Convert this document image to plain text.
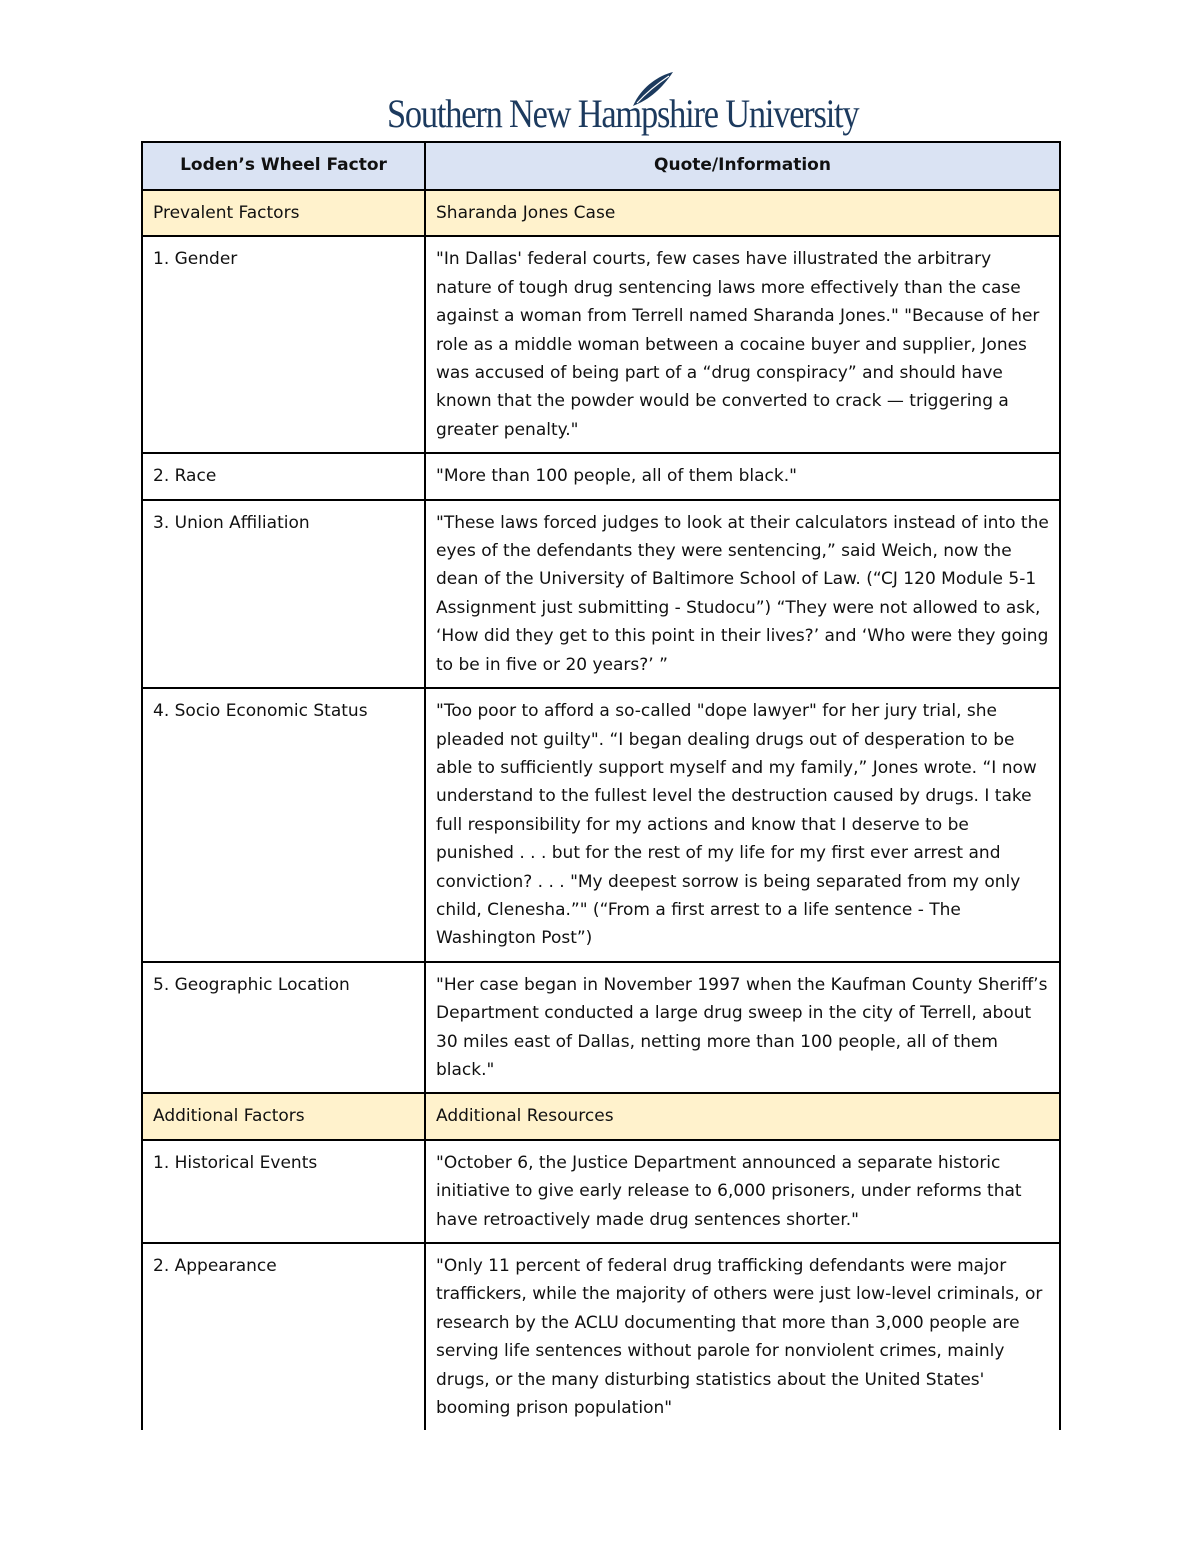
Southern New Hampshire University
Loden’s Wheel Factor	Quote/Information
Prevalent Factors	Sharanda Jones Case
1. Gender	"In Dallas' federal courts, few cases have illustrated the arbitrary nature of tough drug sentencing laws more effectively than the case against a woman from Terrell named Sharanda Jones." "Because of her role as a middle woman between a cocaine buyer and supplier, Jones was accused of being part of a “drug conspiracy” and should have known that the powder would be converted to crack — triggering a greater penalty."
2. Race	"More than 100 people, all of them black."
3. Union Affiliation	"These laws forced judges to look at their calculators instead of into the eyes of the defendants they were sentencing,” said Weich, now the dean of the University of Baltimore School of Law. (“CJ 120 Module 5-1 Assignment just submitting - Studocu”) “They were not allowed to ask, ‘How did they get to this point in their lives?’ and ‘Who were they going to be in five or 20 years?’ ”
4. Socio Economic Status	"Too poor to afford a so-called "dope lawyer" for her jury trial, she pleaded not guilty". “I began dealing drugs out of desperation to be able to sufficiently support myself and my family,” Jones wrote. “I now understand to the fullest level the destruction caused by drugs. I take full responsibility for my actions and know that I deserve to be punished . . . but for the rest of my life for my first ever arrest and conviction? . . . "My deepest sorrow is being separated from my only child, Clenesha.”" (“From a first arrest to a life sentence - The Washington Post”)
5. Geographic Location	"Her case began in November 1997 when the Kaufman County Sheriff’s Department conducted a large drug sweep in the city of Terrell, about 30 miles east of Dallas, netting more than 100 people, all of them black."
Additional Factors	Additional Resources
1. Historical Events	"October 6, the Justice Department announced a separate historic initiative to give early release to 6,000 prisoners, under reforms that have retroactively made drug sentences shorter."
2. Appearance	"Only 11 percent of federal drug trafficking defendants were major traffickers, while the majority of others were just low-level criminals, or research by the ACLU documenting that more than 3,000 people are serving life sentences without parole for nonviolent crimes, mainly drugs, or the many disturbing statistics about the United States' booming prison population"
